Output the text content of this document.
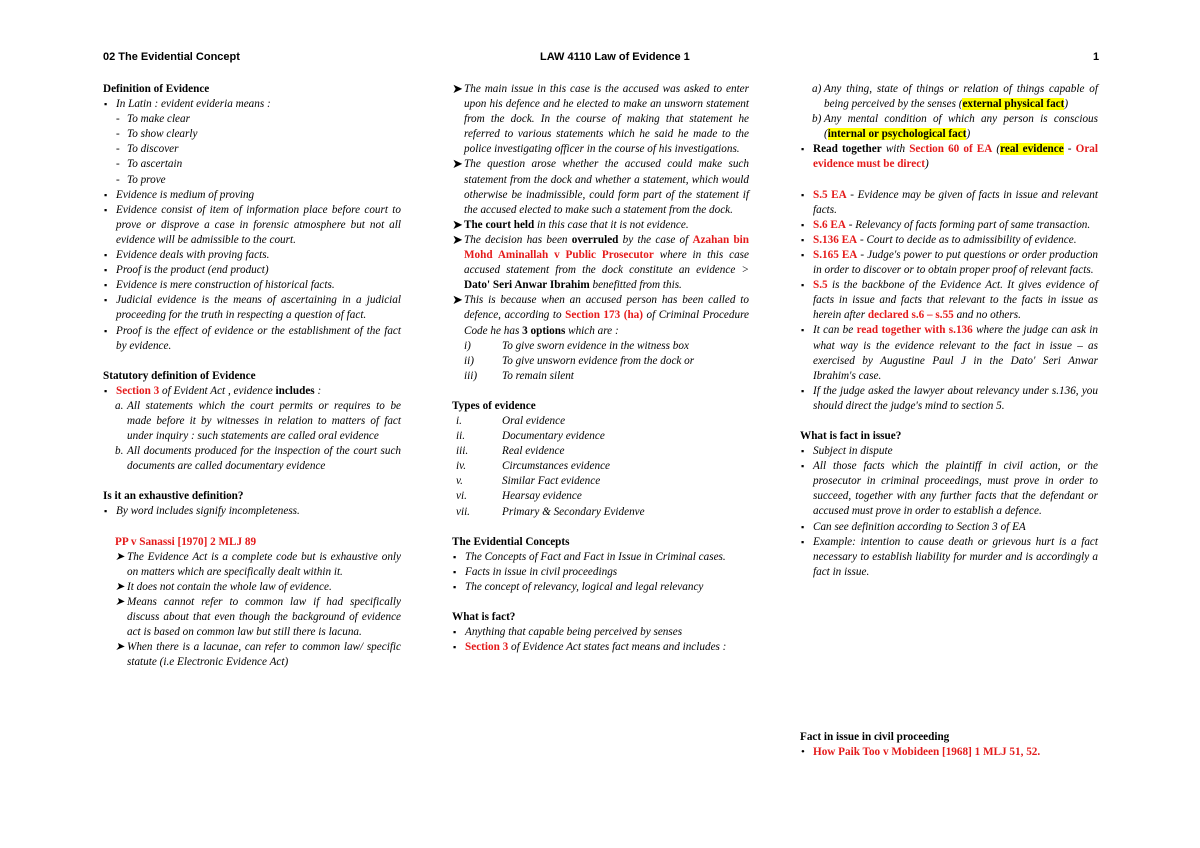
02 The Evidential Concept	LAW 4110 Law of Evidence 1	1

Definition of Evidence

▪ In Latin : evident evideria means :
- To make clear
- To show clearly
- To discover
- To ascertain
- To prove
▪ Evidence is medium of proving
▪ Evidence consist of item of information place before court to prove or disprove a case in forensic atmosphere but not all evidence will be admissible to the court.
▪ Evidence deals with proving facts.
▪ Proof is the product (end product)
▪ Evidence is mere construction of historical facts.
▪ Judicial evidence is the means of ascertaining in a judicial proceeding for the truth in respecting a question of fact.
▪ Proof is the effect of evidence or the establishment of the fact by evidence.

Statutory definition of Evidence

▪ Section 3 of Evident Act , evidence includes :
a. All statements which the court permits or requires to be made before it by witnesses in relation to matters of fact under inquiry : such statements are called oral evidence
b. All documents produced for the inspection of the court such documents are called documentary evidence

Is it an exhaustive definition?

▪ By word includes signify incompleteness.

PP v Sanassi [1970] 2 MLJ 89

➤ The Evidence Act is a complete code but is exhaustive only on matters which are specifically dealt within it.
➤ It does not contain the whole law of evidence.
➤ Means cannot refer to common law if had specifically discuss about that even though the background of evidence act is based on common law but still there is lacuna.
➤ When there is a lacunae, can refer to common law/ specific statute (i.e Electronic Evidence Act)
➤ The main issue in this case is the accused was asked to enter upon his defence and he elected to make an unsworn statement from the dock. In the course of making that statement he referred to various statements which he said he made to the police investigating officer in the course of his investigations.
➤ The question arose whether the accused could make such statement from the dock and whether a statement, which would otherwise be inadmissible, could form part of the statement if the accused elected to make such a statement from the dock.
➤ The court held in this case that it is not evidence.
➤ The decision has been overruled by the case of Azahan bin Mohd Aminallah v Public Prosecutor where in this case accused statement from the dock constitute an evidence > Dato' Seri Anwar Ibrahim benefitted from this.
➤ This is because when an accused person has been called to defence, according to Section 173 (ha) of Criminal Procedure Code he has 3 options which are :
i)	To give sworn evidence in the witness box
ii)	To give unsworn evidence from the dock or
iii) To remain silent

Types of evidence

i.	Oral evidence
ii.	Documentary evidence
iii.	Real evidence
iv.	Circumstances evidence
v.	Similar Fact evidence
vi.	Hearsay evidence
vii.	Primary & Secondary Evidenve

The Evidential Concepts

▪ The Concepts of Fact and Fact in Issue in Criminal cases.
▪ Facts in issue in civil proceedings
▪ The concept of relevancy, logical and legal relevancy

What is fact?

▪ Anything that capable being perceived by senses
▪ Section 3 of Evidence Act states fact means and includes :
a) Any thing, state of things or relation of things capable of being perceived by the senses (external physical fact)
b) Any mental condition of which any person is conscious (internal or psychological fact)
▪ Read together with Section 60 of EA (real evidence - Oral evidence must be direct)
▪ S.5 EA - Evidence may be given of facts in issue and relevant facts.
▪ S.6 EA - Relevancy of facts forming part of same transaction.
▪ S.136 EA - Court to decide as to admissibility of evidence.
▪ S.165 EA - Judge's power to put questions or order production in order to discover or to obtain proper proof of relevant facts.
▪ S.5 is the backbone of the Evidence Act. It gives evidence of facts in issue and facts that relevant to the facts in issue as herein after declared s.6 – s.55 and no others.
▪ It can be read together with s.136 where the judge can ask in what way is the evidence relevant to the fact in issue – as exercised by Augustine Paul J in the Dato' Seri Anwar Ibrahim's case.
▪ If the judge asked the lawyer about relevancy under s.136, you should direct the judge's mind to section 5.

What is fact in issue?

▪ Subject in dispute
▪ All those facts which the plaintiff in civil action, or the prosecutor in criminal proceedings, must prove in order to succeed, together with any further facts that the defendant or accused must prove in order to establish a defence.
▪ Can see definition according to Section 3 of EA
▪ Example: intention to cause death or grievous hurt is a fact necessary to establish liability for murder and is accordingly a fact in issue.

Fact in issue in civil proceeding

• How Paik Too v Mobideen [1968] 1 MLJ 51, 52.
